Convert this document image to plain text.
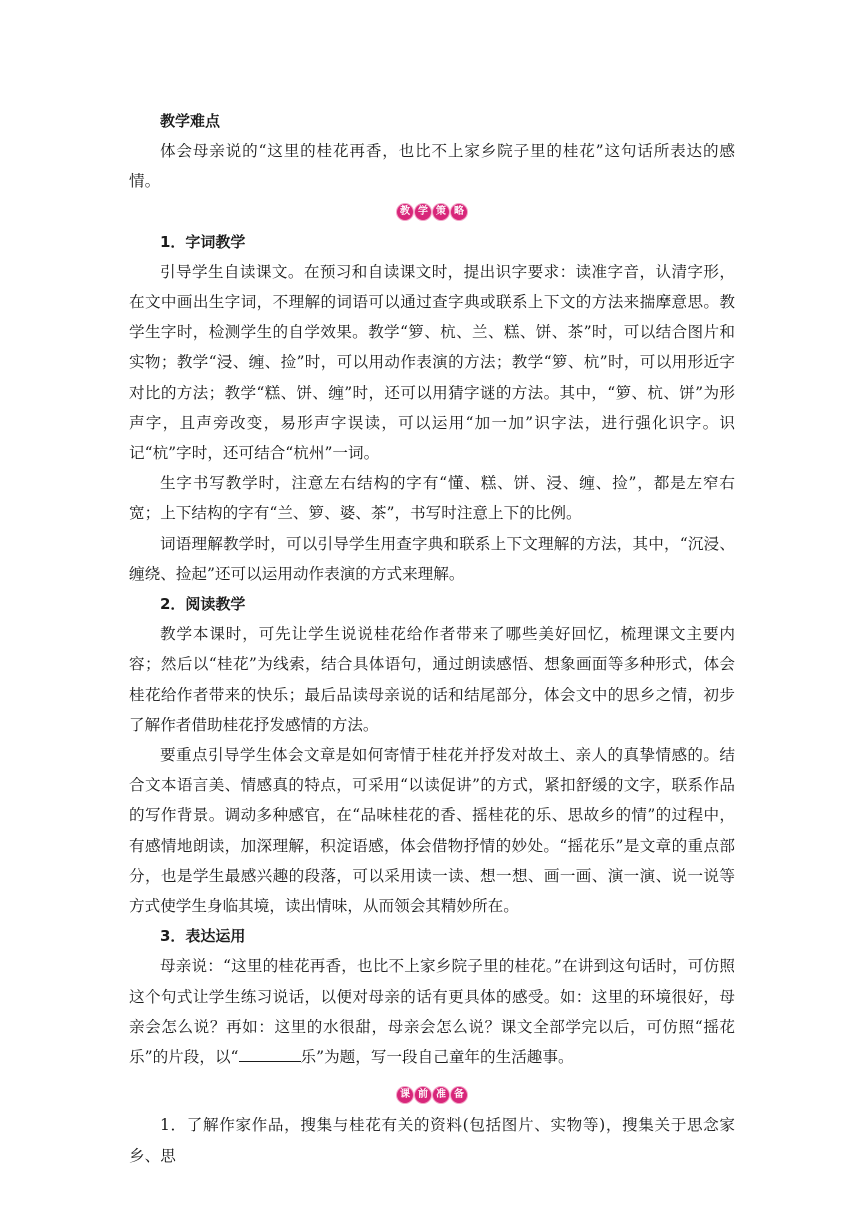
教学难点

体会母亲说的“这里的桂花再香，也比不上家乡院子里的桂花”这句话所表达的感情。

教 学 策 略

1．字词教学

引导学生自读课文。在预习和自读课文时，提出识字要求：读准字音，认清字形，在文中画出生字词，不理解的词语可以通过查字典或联系上下文的方法来揣摩意思。教学生字时，检测学生的自学效果。教学“箩、杭、兰、糕、饼、茶”时，可以结合图片和实物；教学“浸、缠、捡”时，可以用动作表演的方法；教学“箩、杭”时，可以用形近字对比的方法；教学“糕、饼、缠”时，还可以用猜字谜的方法。其中，“箩、杭、饼”为形声字，且声旁改变，易形声字误读，可以运用“加一加”识字法，进行强化识字。识记“杭”字时，还可结合“杭州”一词。

生字书写教学时，注意左右结构的字有“懂、糕、饼、浸、缠、捡”，都是左窄右宽；上下结构的字有“兰、箩、婆、茶”，书写时注意上下的比例。

词语理解教学时，可以引导学生用查字典和联系上下文理解的方法，其中，“沉浸、缠绕、捡起”还可以运用动作表演的方式来理解。

2．阅读教学

教学本课时，可先让学生说说桂花给作者带来了哪些美好回忆，梳理课文主要内容；然后以“桂花”为线索，结合具体语句，通过朗读感悟、想象画面等多种形式，体会桂花给作者带来的快乐；最后品读母亲说的话和结尾部分，体会文中的思乡之情，初步了解作者借助桂花抒发感情的方法。

要重点引导学生体会文章是如何寄情于桂花并抒发对故土、亲人的真挚情感的。结合文本语言美、情感真的特点，可采用“以读促讲”的方式，紧扣舒缓的文字，联系作品的写作背景。调动多种感官，在“品味桂花的香、摇桂花的乐、思故乡的情”的过程中，有感情地朗读，加深理解，积淀语感，体会借物抒情的妙处。“摇花乐”是文章的重点部分，也是学生最感兴趣的段落，可以采用读一读、想一想、画一画、演一演、说一说等方式使学生身临其境，读出情味，从而领会其精妙所在。

3．表达运用

母亲说：“这里的桂花再香，也比不上家乡院子里的桂花。”在讲到这句话时，可仿照这个句式让学生练习说话，以便对母亲的话有更具体的感受。如：这里的环境很好，母亲会怎么说？再如：这里的水很甜，母亲会怎么说？课文全部学完以后，可仿照“摇花乐”的片段，以“	乐”为题，写一段自己童年的生活趣事。

课 前 准 备

1．了解作家作品，搜集与桂花有关的资料(包括图片、实物等)，搜集关于思念家乡、思
